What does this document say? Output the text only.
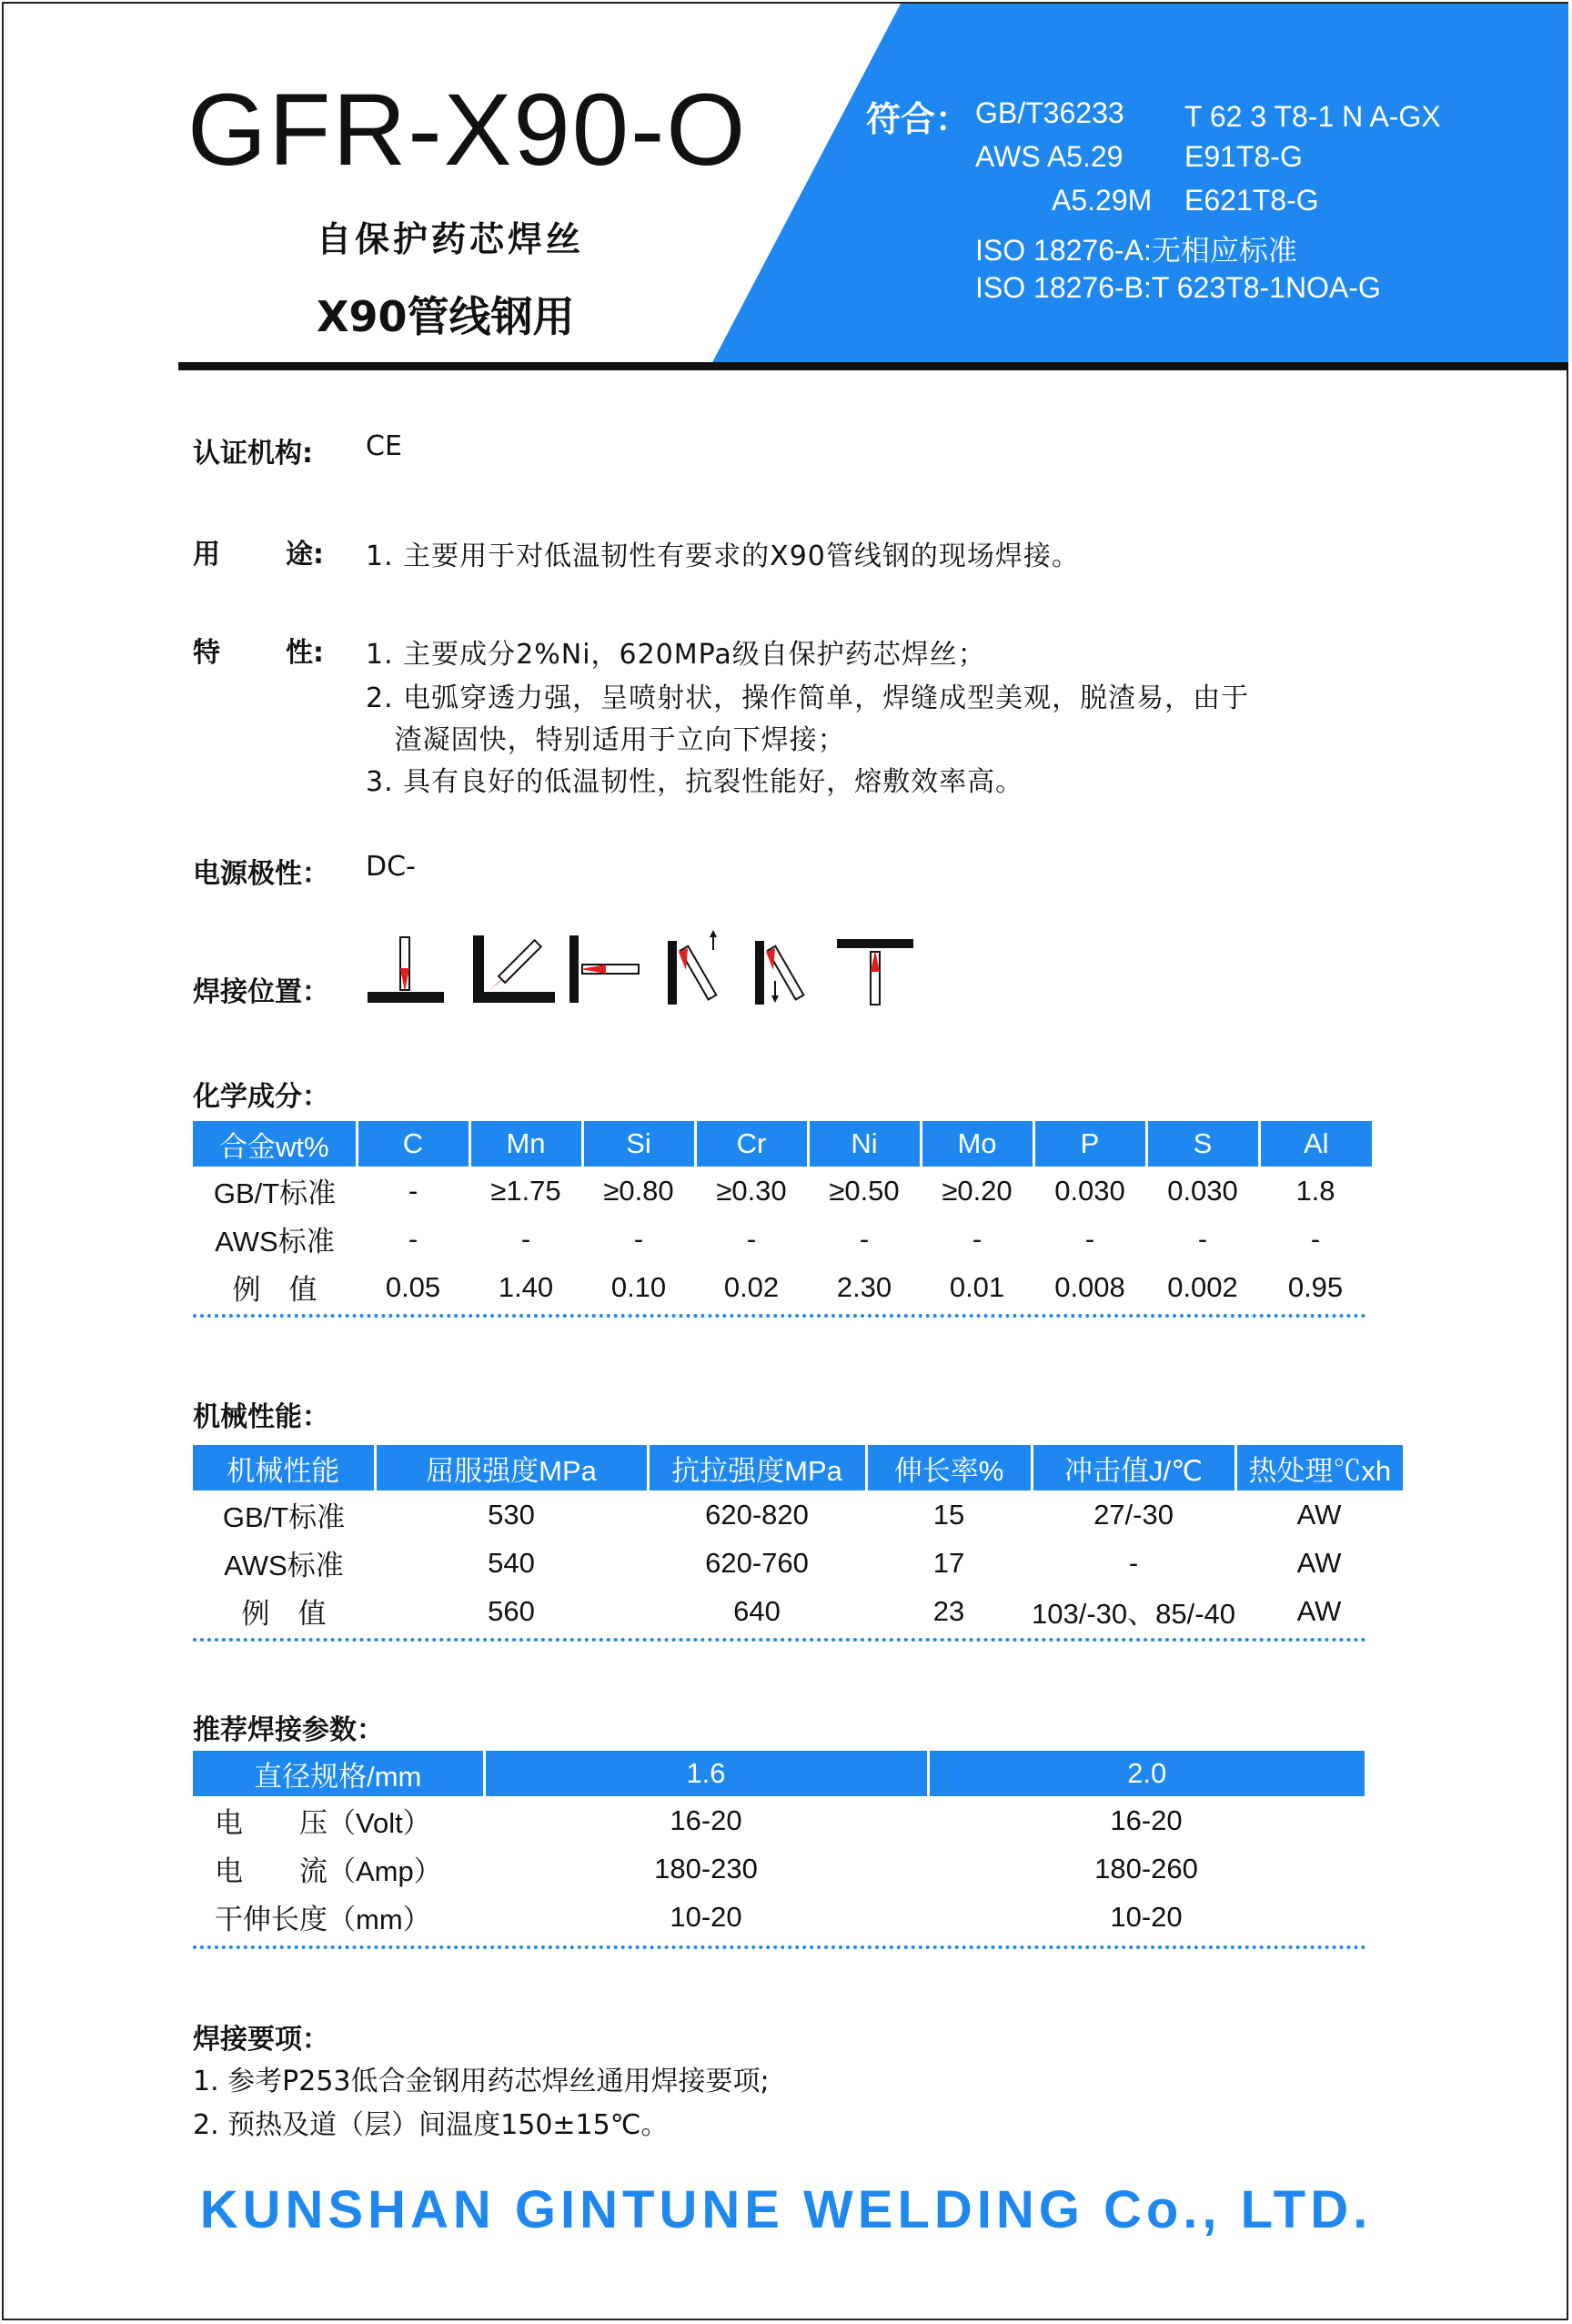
GFR-X90-O
自保护药芯焊丝
X90管线钢用
符合： GB/T36233 T 62 3 T8-1 N A-GX
AWS A5.29 E91T8-G
A5.29M E621T8-G
ISO 18276-A:无相应标准
ISO 18276-B:T 623T8-1NOA-G
认证机构: CE
用 途: 1. 主要用于对低温韧性有要求的X90管线钢的现场焊接。
特 性: 1. 主要成分2%Ni，620MPa级自保护药芯焊丝；
2. 电弧穿透力强，呈喷射状，操作简单，焊缝成型美观，脱渣易，由于
渣凝固快，特别适用于立向下焊接；
3. 具有良好的低温韧性，抗裂性能好，熔敷效率高。
电源极性： DC-
焊接位置：
化学成分：
合金wt%	C	Mn	Si	Cr	Ni	Mo	P	S	Al
GB/T标准	-	≥1.75	≥0.80	≥0.30	≥0.50	≥0.20	0.030	0.030	1.8
AWS标准	-	-	-	-	-	-	-	-	-
例　值	0.05	1.40	0.10	0.02	2.30	0.01	0.008	0.002	0.95
机械性能：
机械性能	屈服强度MPa	抗拉强度MPa	伸长率%	冲击值J/℃	热处理℃xh
GB/T标准	530	620-820	15	27/-30	AW
AWS标准	540	620-760	17	-	AW
例　值	560	640	23	103/-30、85/-40	AW
推荐焊接参数：
直径规格/mm	1.6	2.0
电　　压（Volt）	16-20	16-20
电　　流（Amp）	180-230	180-260
干伸长度（mm）	10-20	10-20
焊接要项：
1. 参考P253低合金钢用药芯焊丝通用焊接要项;
2. 预热及道（层）间温度150±15℃。
KUNSHAN GINTUNE WELDING Co., LTD.
